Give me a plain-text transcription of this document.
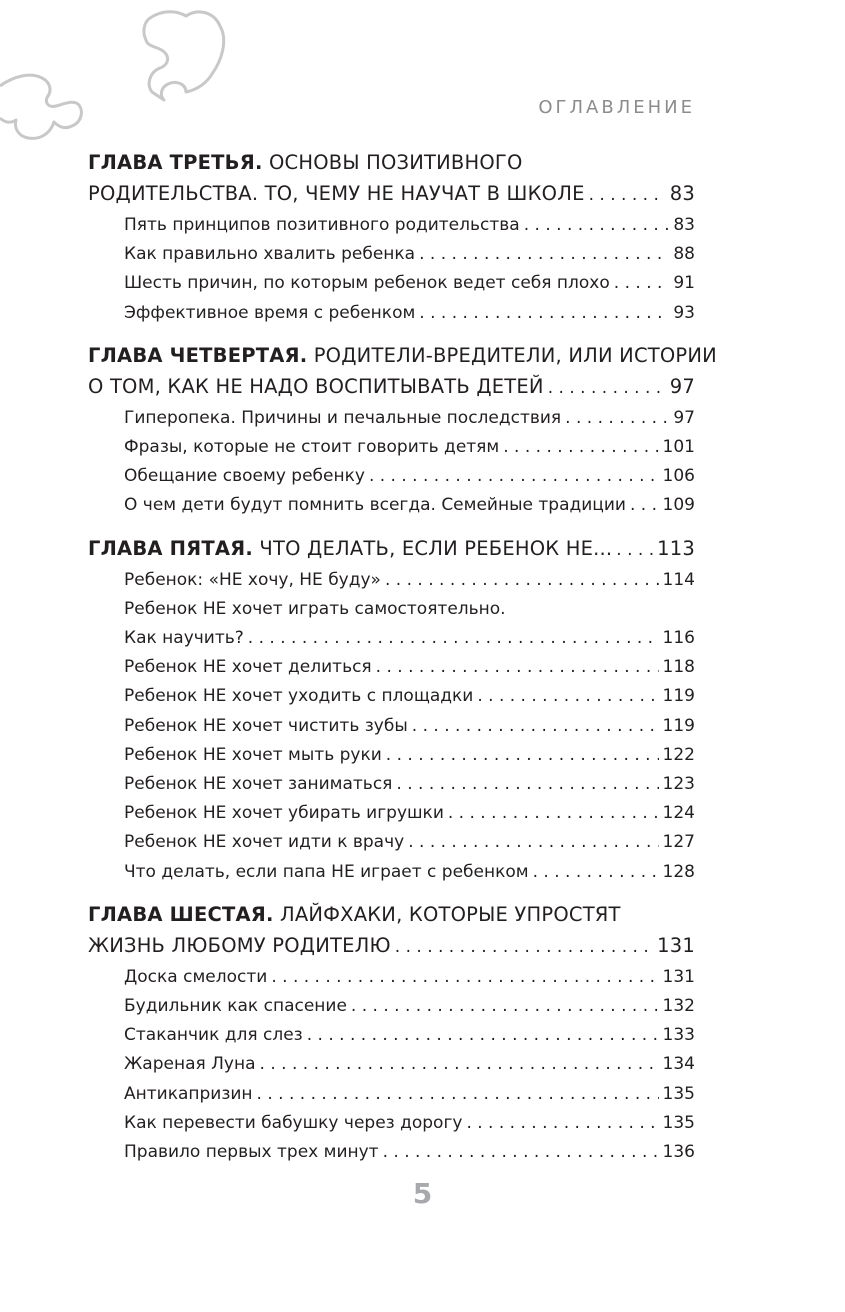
ОГЛАВЛЕНИЕ
ГЛАВА ТРЕТЬЯ. ОСНОВЫ ПОЗИТИВНОГО
РОДИТЕЛЬСТВА. ТО, ЧЕМУ НЕ НАУЧАТ В ШКОЛЕ . . .	83
Пять принципов позитивного родительства . . .	83
Как правильно хвалить ребенка . . .	88
Шесть причин, по которым ребенок ведет себя плохо . . .	91
Эффективное время с ребенком . . .	93
ГЛАВА ЧЕТВЕРТАЯ. РОДИТЕЛИ-ВРЕДИТЕЛИ, ИЛИ ИСТОРИИ
О ТОМ, КАК НЕ НАДО ВОСПИТЫВАТЬ ДЕТЕЙ . . .	97
Гиперопека. Причины и печальные последствия . . .	97
Фразы, которые не стоит говорить детям . . .	101
Обещание своему ребенку . . .	106
О чем дети будут помнить всегда. Семейные традиции . . . 109
ГЛАВА ПЯТАЯ. ЧТО ДЕЛАТЬ, ЕСЛИ РЕБЕНОК НЕ... . . . 113
Ребенок: «НЕ хочу, НЕ буду» . . .	114
Ребенок НЕ хочет играть самостоятельно.
Как научить? . . .	116
Ребенок НЕ хочет делиться . . .	118
Ребенок НЕ хочет уходить с площадки . . .	119
Ребенок НЕ хочет чистить зубы . . .	119
Ребенок НЕ хочет мыть руки . . .	122
Ребенок НЕ хочет заниматься . . .	123
Ребенок НЕ хочет убирать игрушки . . .	124
Ребенок НЕ хочет идти к врачу . . .	127
Что делать, если папа НЕ играет с ребенком . . .	128
ГЛАВА ШЕСТАЯ. ЛАЙФХАКИ, КОТОРЫЕ УПРОСТЯТ
ЖИЗНЬ ЛЮБОМУ РОДИТЕЛЮ . . .	131
Доска смелости . . .	131
Будильник как спасение . . .	132
Стаканчик для слез . . .	133
Жареная Луна . . .	134
Антикапризин . . .	135
Как перевести бабушку через дорогу . . .	135
Правило первых трех минут . . .	136
5
